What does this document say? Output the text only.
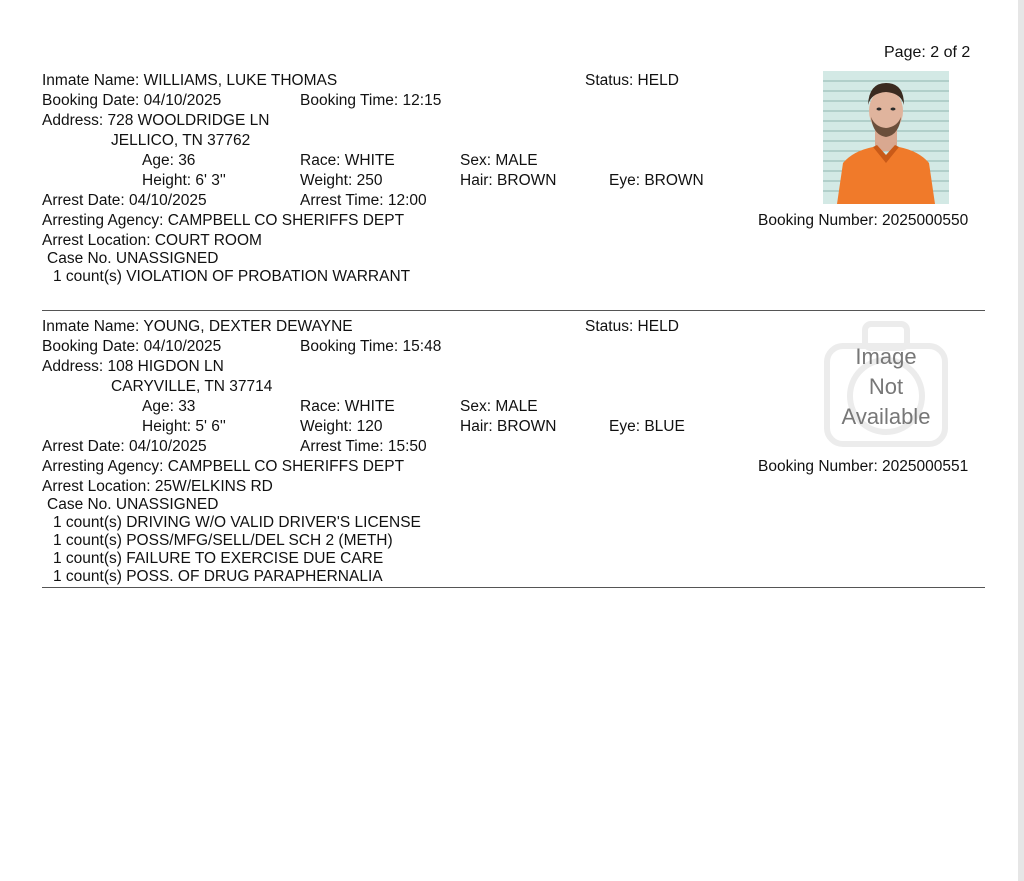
Page: 2 of 2
Inmate Name: WILLIAMS, LUKE THOMAS	Status: HELD
Booking Date: 04/10/2025	Booking Time: 12:15
Address: 728 WOOLDRIDGE LN
JELLICO, TN 37762
Age: 36	Race: WHITE	Sex: MALE
Height: 6' 3''	Weight: 250	Hair: BROWN	Eye: BROWN
Arrest Date: 04/10/2025	Arrest Time: 12:00
Arresting Agency: CAMPBELL CO SHERIFFS DEPT	Booking Number: 2025000550
Arrest Location: COURT ROOM
Case No. UNASSIGNED
1 count(s) VIOLATION OF PROBATION WARRANT
Inmate Name: YOUNG, DEXTER DEWAYNE	Status: HELD
Booking Date: 04/10/2025	Booking Time: 15:48
Address: 108 HIGDON LN
CARYVILLE, TN 37714
Age: 33	Race: WHITE	Sex: MALE
Height: 5' 6''	Weight: 120	Hair: BROWN	Eye: BLUE
Arrest Date: 04/10/2025	Arrest Time: 15:50
Arresting Agency: CAMPBELL CO SHERIFFS DEPT	Booking Number: 2025000551
Arrest Location: 25W/ELKINS RD
Case No. UNASSIGNED
1 count(s) DRIVING W/O VALID DRIVER'S LICENSE
1 count(s) POSS/MFG/SELL/DEL SCH 2 (METH)
1 count(s) FAILURE TO EXERCISE DUE CARE
1 count(s) POSS. OF DRUG PARAPHERNALIA
Image
Not
Available
